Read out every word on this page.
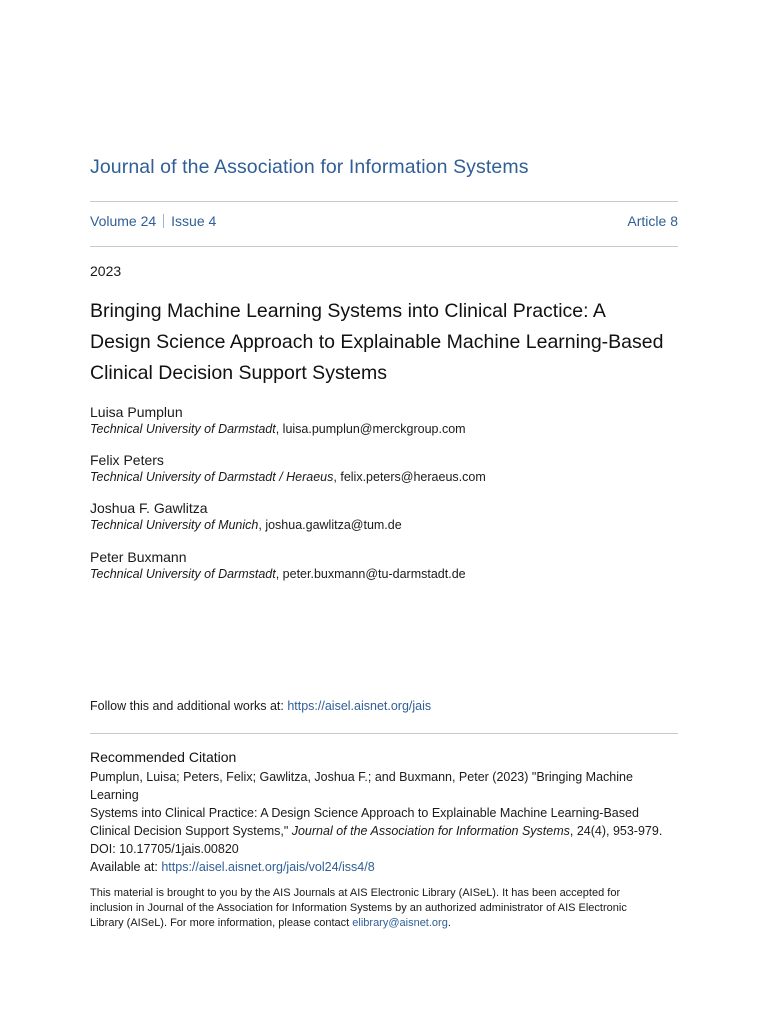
Journal of the Association for Information Systems
Volume 24 Issue 4	Article 8
2023
Bringing Machine Learning Systems into Clinical Practice: A
Design Science Approach to Explainable Machine Learning-Based
Clinical Decision Support Systems
Luisa Pumplun
Technical University of Darmstadt, luisa.pumplun@merckgroup.com
Felix Peters
Technical University of Darmstadt / Heraeus, felix.peters@heraeus.com
Joshua F. Gawlitza
Technical University of Munich, joshua.gawlitza@tum.de
Peter Buxmann
Technical University of Darmstadt, peter.buxmann@tu-darmstadt.de
Follow this and additional works at: https://aisel.aisnet.org/jais
Recommended Citation
Pumplun, Luisa; Peters, Felix; Gawlitza, Joshua F.; and Buxmann, Peter (2023) "Bringing Machine Learning
Systems into Clinical Practice: A Design Science Approach to Explainable Machine Learning-Based
Clinical Decision Support Systems," Journal of the Association for Information Systems, 24(4), 953-979.
DOI: 10.17705/1jais.00820
Available at: https://aisel.aisnet.org/jais/vol24/iss4/8
This material is brought to you by the AIS Journals at AIS Electronic Library (AISeL). It has been accepted for
inclusion in Journal of the Association for Information Systems by an authorized administrator of AIS Electronic
Library (AISeL). For more information, please contact elibrary@aisnet.org.
